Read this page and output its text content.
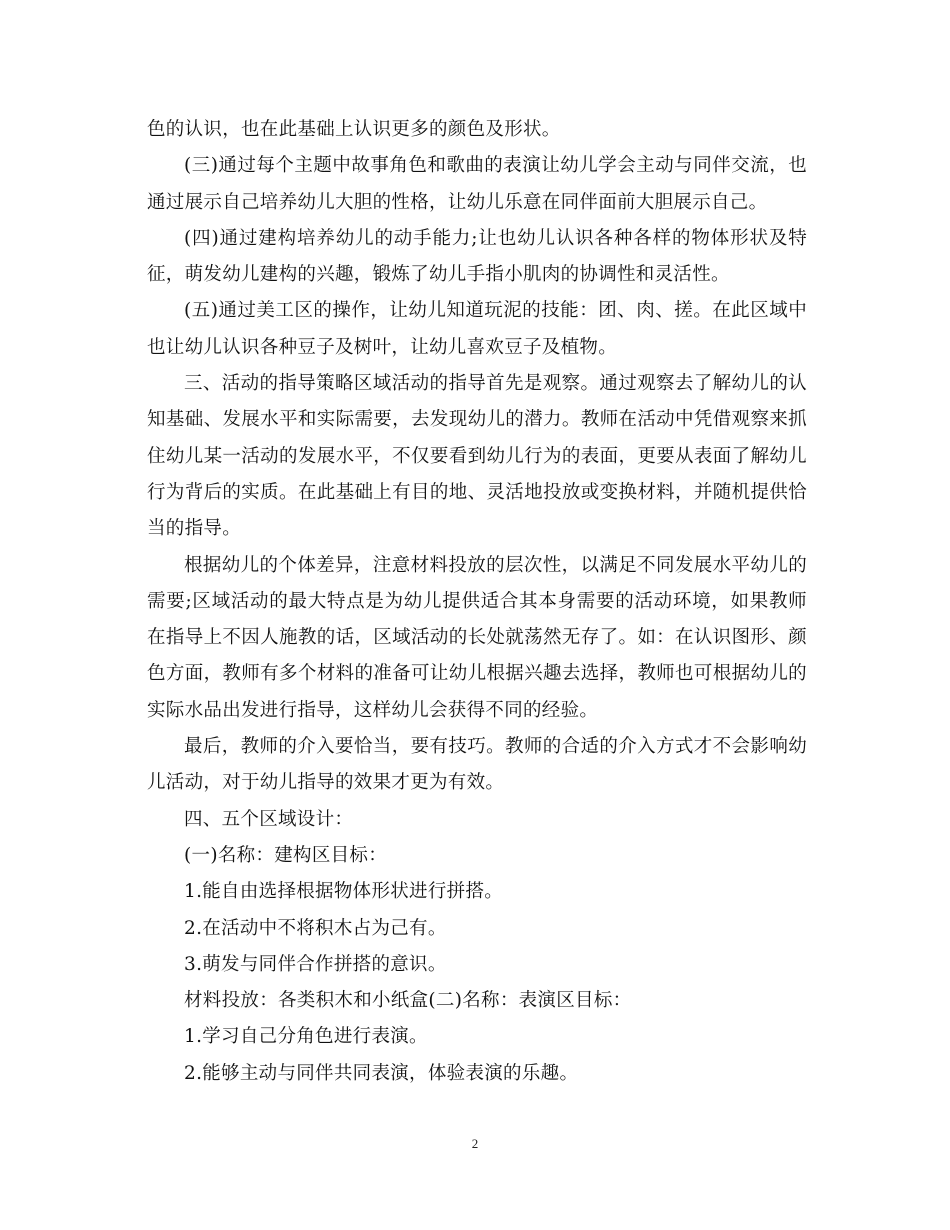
色的认识，也在此基础上认识更多的颜色及形状。

(三)通过每个主题中故事角色和歌曲的表演让幼儿学会主动与同伴交流，也通过展示自己培养幼儿大胆的性格，让幼儿乐意在同伴面前大胆展示自己。

(四)通过建构培养幼儿的动手能力;让也幼儿认识各种各样的物体形状及特征，萌发幼儿建构的兴趣，锻炼了幼儿手指小肌肉的协调性和灵活性。

(五)通过美工区的操作，让幼儿知道玩泥的技能：团、肉、搓。在此区域中也让幼儿认识各种豆子及树叶，让幼儿喜欢豆子及植物。

三、活动的指导策略区域活动的指导首先是观察。通过观察去了解幼儿的认知基础、发展水平和实际需要，去发现幼儿的潜力。教师在活动中凭借观察来抓住幼儿某一活动的发展水平，不仅要看到幼儿行为的表面，更要从表面了解幼儿行为背后的实质。在此基础上有目的地、灵活地投放或变换材料，并随机提供恰当的指导。

根据幼儿的个体差异，注意材料投放的层次性，以满足不同发展水平幼儿的需要;区域活动的最大特点是为幼儿提供适合其本身需要的活动环境，如果教师在指导上不因人施教的话，区域活动的长处就荡然无存了。如：在认识图形、颜色方面，教师有多个材料的准备可让幼儿根据兴趣去选择，教师也可根据幼儿的实际水品出发进行指导，这样幼儿会获得不同的经验。

最后，教师的介入要恰当，要有技巧。教师的合适的介入方式才不会影响幼儿活动，对于幼儿指导的效果才更为有效。

四、五个区域设计：

(一)名称：建构区目标：

1.能自由选择根据物体形状进行拼搭。

2.在活动中不将积木占为己有。

3.萌发与同伴合作拼搭的意识。

材料投放：各类积木和小纸盒(二)名称：表演区目标：

1.学习自己分角色进行表演。

2.能够主动与同伴共同表演，体验表演的乐趣。

2
